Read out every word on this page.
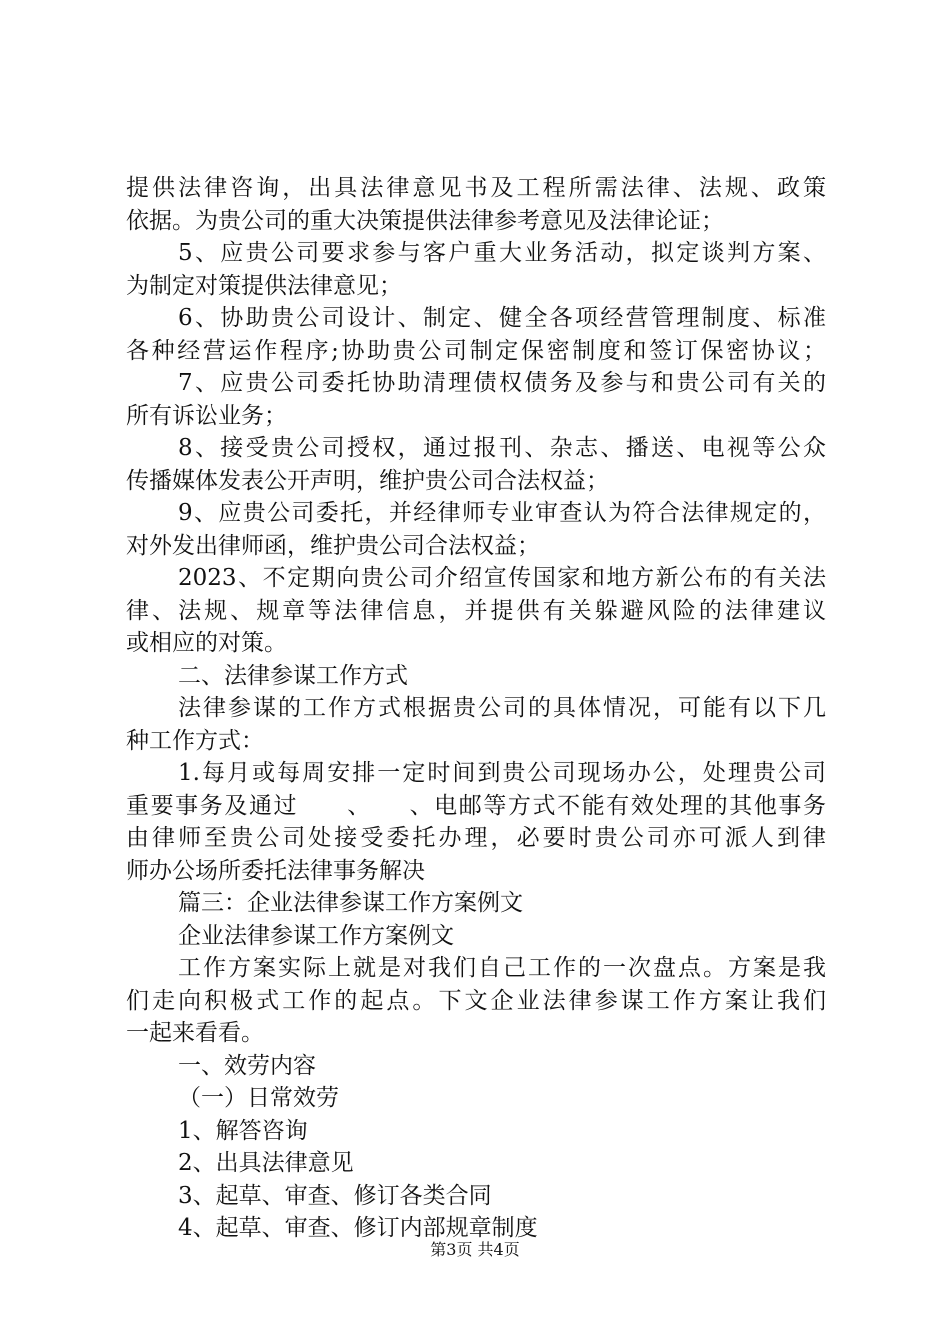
提供法律咨询，出具法律意见书及工程所需法律、法规、政策
依据。为贵公司的重大决策提供法律参考意见及法律论证；
5、应贵公司要求参与客户重大业务活动，拟定谈判方案、
为制定对策提供法律意见；
6、协助贵公司设计、制定、健全各项经营管理制度、标准
各种经营运作程序;协助贵公司制定保密制度和签订保密协议；
7、应贵公司委托协助清理债权债务及参与和贵公司有关的
所有诉讼业务；
8、接受贵公司授权，通过报刊、杂志、播送、电视等公众
传播媒体发表公开声明，维护贵公司合法权益；
9、应贵公司委托，并经律师专业审查认为符合法律规定的，
对外发出律师函，维护贵公司合法权益；
2023、不定期向贵公司介绍宣传国家和地方新公布的有关法
律、法规、规章等法律信息，并提供有关躲避风险的法律建议
或相应的对策。
二、法律参谋工作方式
法律参谋的工作方式根据贵公司的具体情况，可能有以下几
种工作方式：
1.每月或每周安排一定时间到贵公司现场办公，处理贵公司
重要事务及通过　　、　　、电邮等方式不能有效处理的其他事务
由律师至贵公司处接受委托办理，必要时贵公司亦可派人到律
师办公场所委托法律事务解决
篇三：企业法律参谋工作方案例文
企业法律参谋工作方案例文
工作方案实际上就是对我们自己工作的一次盘点。方案是我
们走向积极式工作的起点。下文企业法律参谋工作方案让我们
一起来看看。
一、效劳内容
（一）日常效劳
1、解答咨询
2、出具法律意见
3、起草、审查、修订各类合同
4、起草、审查、修订内部规章制度
第3页 共4页
